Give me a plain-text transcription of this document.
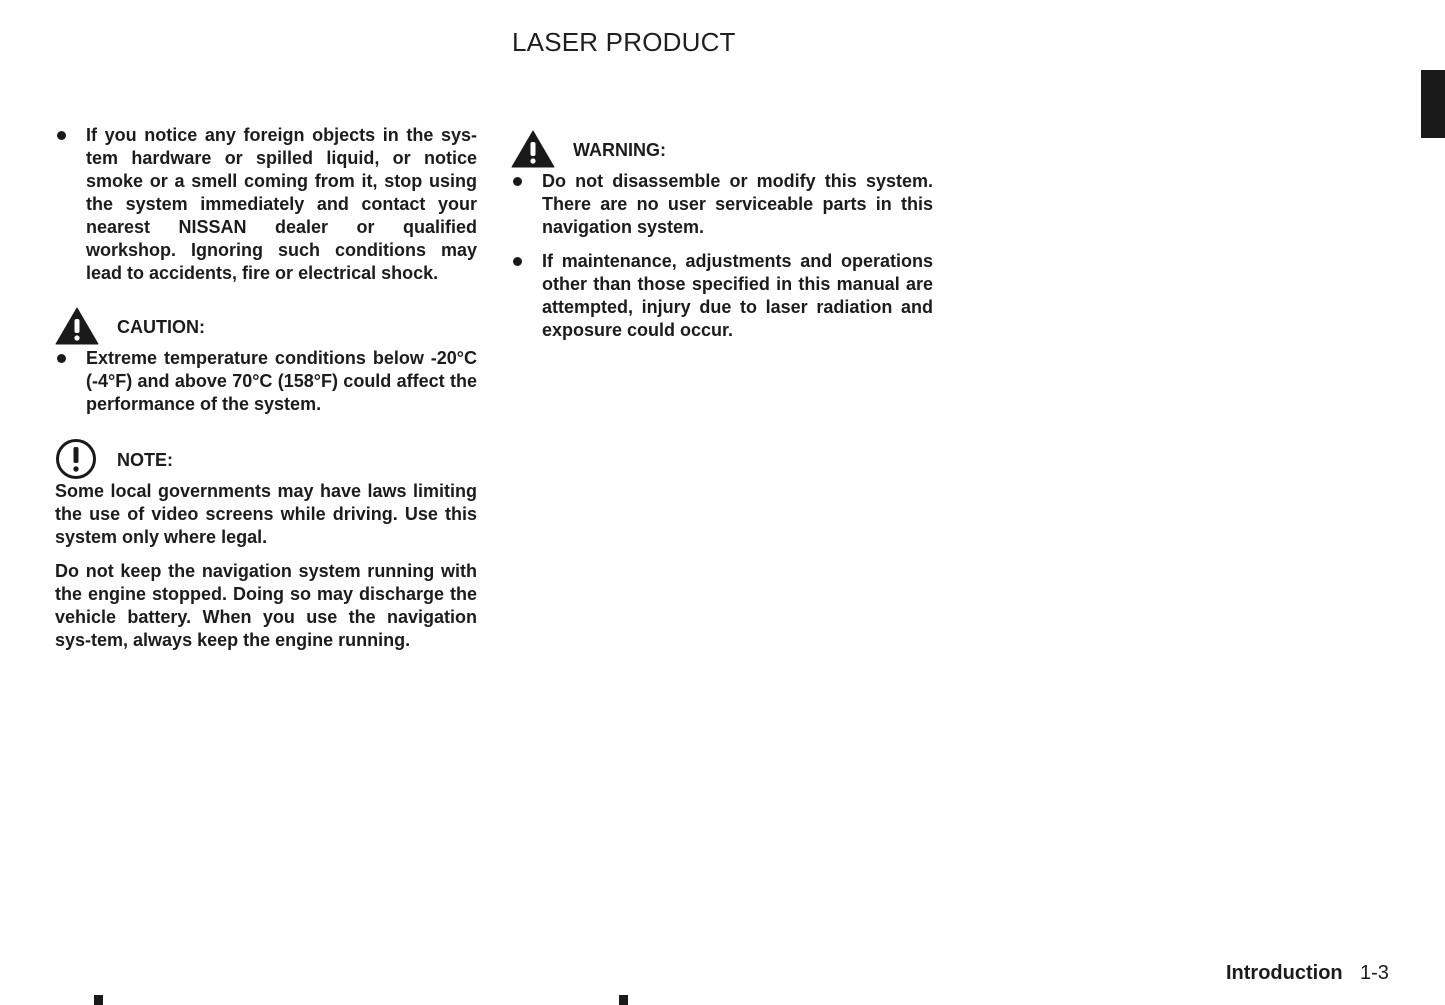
LASER PRODUCT
If you notice any foreign objects in the sys-tem hardware or spilled liquid, or notice smoke or a smell coming from it, stop using the system immediately and contact your nearest NISSAN dealer or qualified workshop. Ignoring such conditions may lead to accidents, fire or electrical shock.
CAUTION:
Extreme temperature conditions below -20°C (-4°F) and above 70°C (158°F) could affect the performance of the system.
NOTE:

Some local governments may have laws limiting the use of video screens while driving. Use this system only where legal.

Do not keep the navigation system running with the engine stopped. Doing so may discharge the vehicle battery. When you use the navigation sys-tem, always keep the engine running.

WARNING:
Do not disassemble or modify this system. There are no user serviceable parts in this navigation system.
If maintenance, adjustments and operations other than those specified in this manual are attempted, injury due to laser radiation and exposure could occur.
Introduction 1-3
